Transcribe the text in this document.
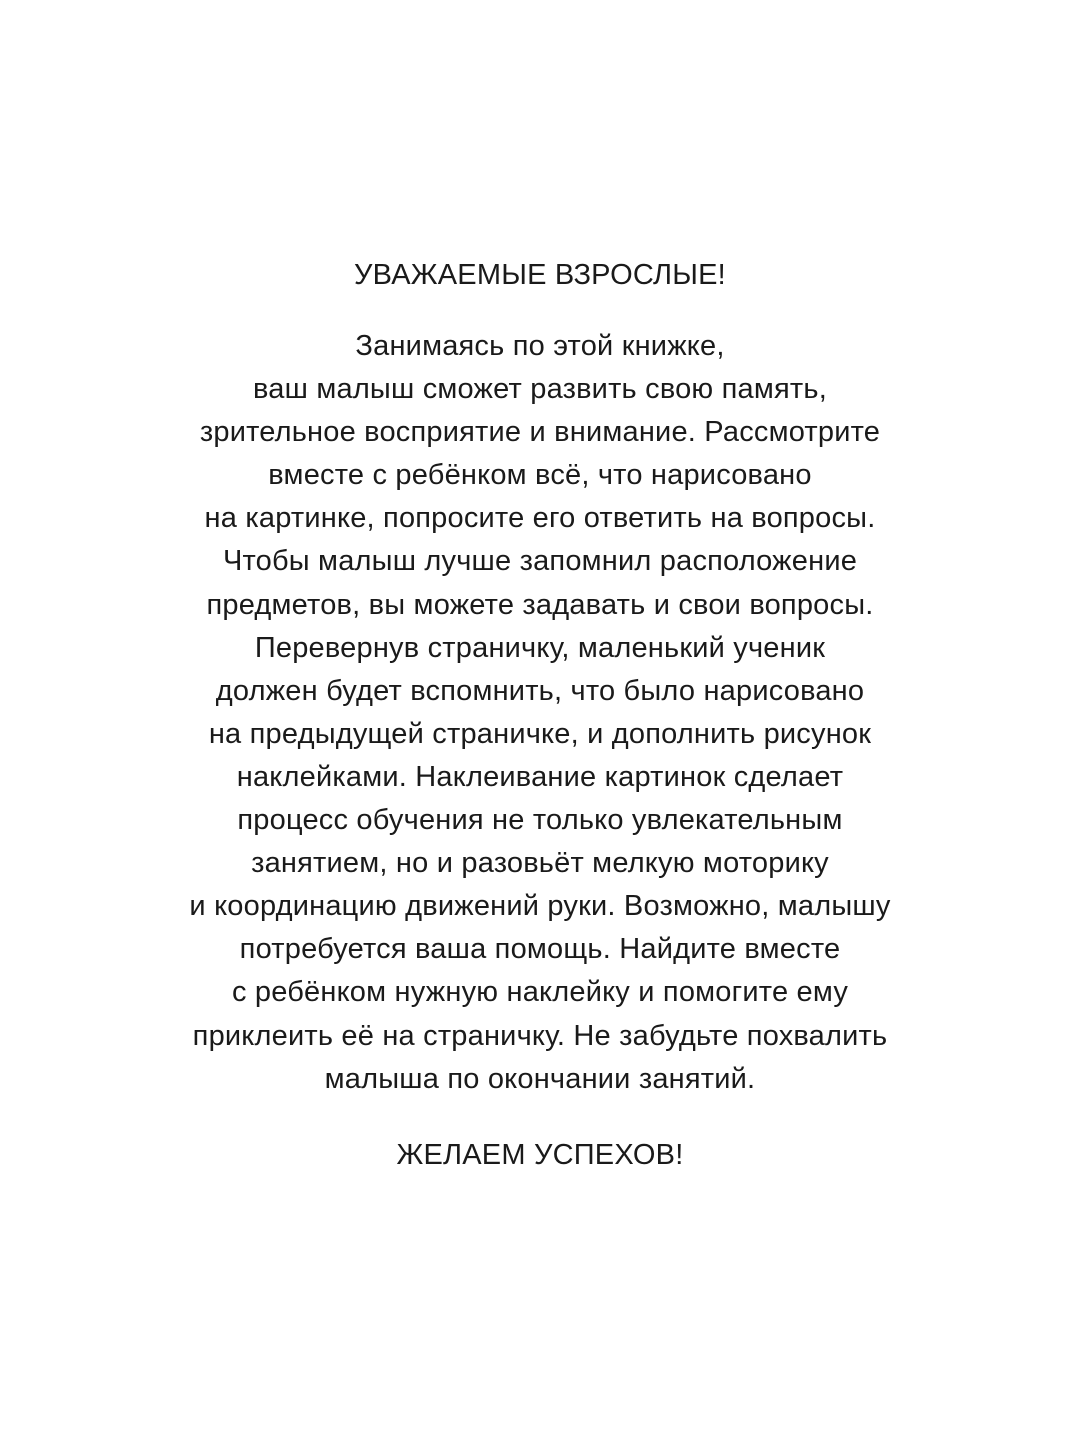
УВАЖАЕМЫЕ ВЗРОСЛЫЕ!
Занимаясь по этой книжке,
ваш малыш сможет развить свою память,
зрительное восприятие и внимание. Рассмотрите
вместе с ребёнком всё, что нарисовано
на картинке, попросите его ответить на вопросы.
Чтобы малыш лучше запомнил расположение
предметов, вы можете задавать и свои вопросы.
Перевернув страничку, маленький ученик
должен будет вспомнить, что было нарисовано
на предыдущей страничке, и дополнить рисунок
наклейками. Наклеивание картинок сделает
процесс обучения не только увлекательным
занятием, но и разовьёт мелкую моторику
и координацию движений руки. Возможно, малышу
потребуется ваша помощь. Найдите вместе
с ребёнком нужную наклейку и помогите ему
приклеить её на страничку. Не забудьте похвалить
малыша по окончании занятий.
ЖЕЛАЕМ УСПЕХОВ!
